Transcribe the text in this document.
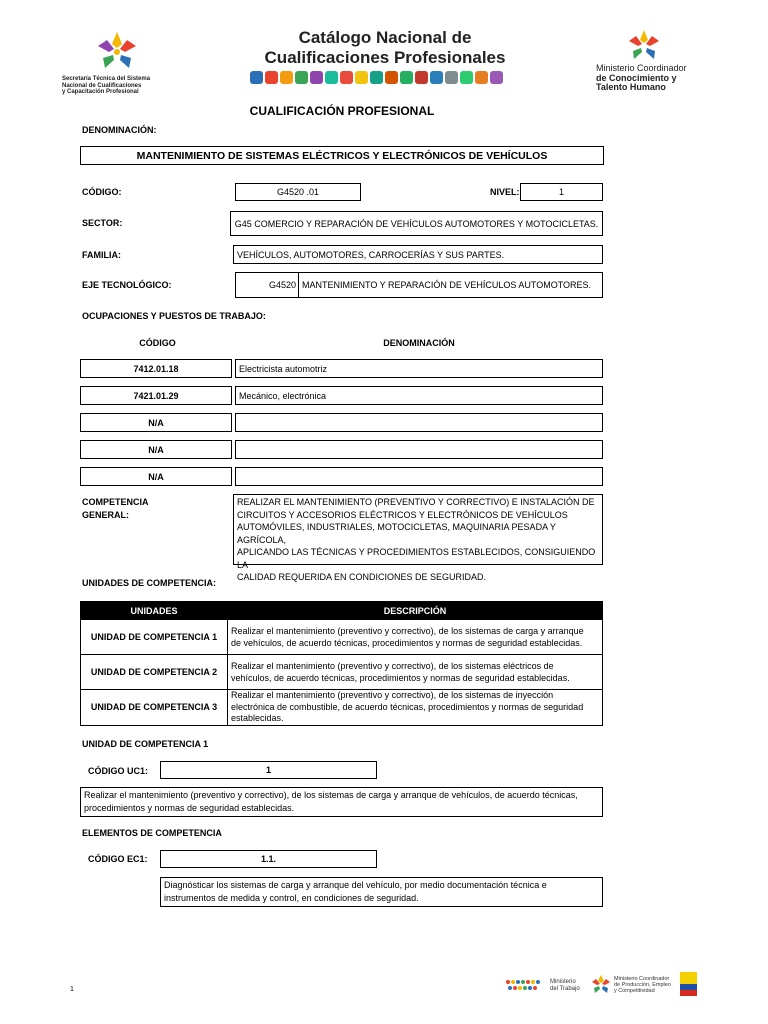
Secretaría Técnica del Sistema
Nacional de Cualificaciones
y Capacitación Profesional
Catálogo Nacional de
Cualificaciones Profesionales
Ministerio Coordinador
de Conocimiento y
Talento Humano
CUALIFICACIÓN PROFESIONAL
DENOMINACIÓN:
MANTENIMIENTO DE SISTEMAS ELÉCTRICOS Y ELECTRÓNICOS DE VEHÍCULOS
CÓDIGO:	G4520 .01	NIVEL:	1
SECTOR:	G45 COMERCIO Y REPARACIÓN DE VEHÍCULOS AUTOMOTORES Y MOTOCICLETAS.
FAMILIA:	VEHÍCULOS, AUTOMOTORES, CARROCERÍAS Y SUS PARTES.
EJE TECNOLÓGICO:	G4520 MANTENIMIENTO Y REPARACIÓN DE VEHÍCULOS AUTOMOTORES.
OCUPACIONES Y PUESTOS DE TRABAJO:
CÓDIGO	DENOMINACIÓN
7412.01.18	Electricista automotriz
7421.01.29	Mecánico, electrónica
N/A
N/A
N/A
COMPETENCIA
GENERAL:
REALIZAR EL MANTENIMIENTO (PREVENTIVO Y CORRECTIVO) E INSTALACIÓN DE
CIRCUITOS Y ACCESORIOS ELÉCTRICOS Y ELECTRÓNICOS DE VEHÍCULOS
AUTOMÓVILES, INDUSTRIALES, MOTOCICLETAS, MAQUINARIA PESADA Y AGRÍCOLA,
APLICANDO LAS TÉCNICAS Y PROCEDIMIENTOS ESTABLECIDOS, CONSIGUIENDO LA
CALIDAD REQUERIDA EN CONDICIONES DE SEGURIDAD.
UNIDADES DE COMPETENCIA:
UNIDADES	DESCRIPCIÓN
UNIDAD DE COMPETENCIA 1	Realizar el mantenimiento (preventivo y correctivo), de los sistemas de carga y arranque
de vehículos, de acuerdo técnicas, procedimientos y normas de seguridad establecidas.

UNIDAD DE COMPETENCIA 2	Realizar el mantenimiento (preventivo y correctivo), de los sistemas eléctricos de
vehículos, de acuerdo técnicas, procedimientos y normas de seguridad establecidas.

UNIDAD DE COMPETENCIA 3	Realizar el mantenimiento (preventivo y correctivo), de los sistemas de inyección
electrónica de combustible, de acuerdo técnicas, procedimientos y normas de seguridad
establecidas.
UNIDAD DE COMPETENCIA 1
CÓDIGO UC1:	1
Realizar el mantenimiento (preventivo y correctivo), de los sistemas de carga y arranque de vehículos, de acuerdo técnicas,
procedimientos y normas de seguridad establecidas.
ELEMENTOS DE COMPETENCIA
CÓDIGO EC1:	1.1.
Diagnósticar los sistemas de carga y arranque del vehículo, por medio documentación técnica e
instrumentos de medida y control, en condiciones de seguridad.
1
Ministerio
del Trabajo
Ministerio Coordinador
de Producción, Empleo
y Competitividad
